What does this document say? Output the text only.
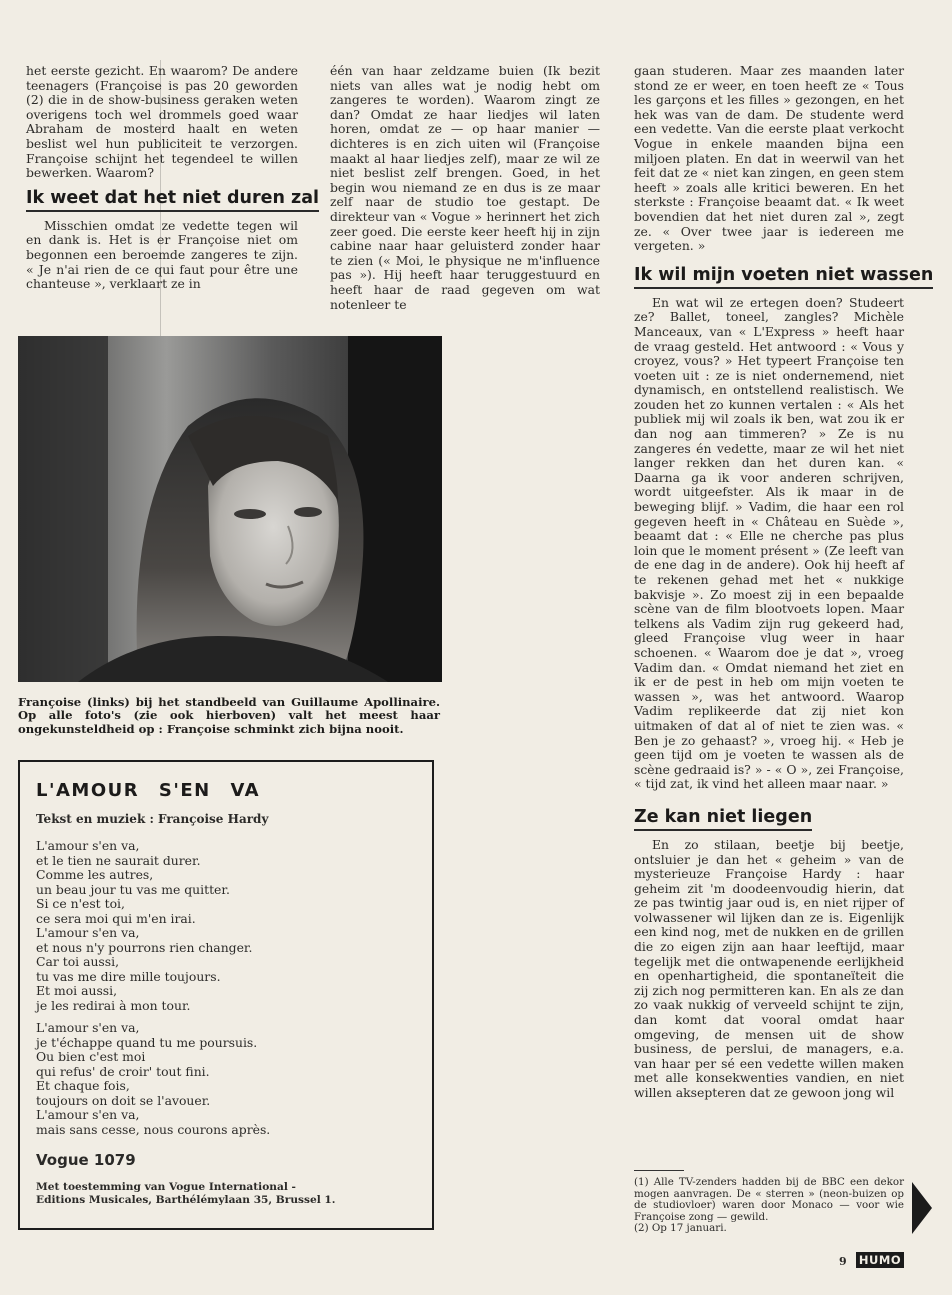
het eerste gezicht. En waarom? De andere teenagers (Françoise is pas 20 geworden (2) die in de show-business geraken weten overigens toch wel drommels goed waar Abraham de mosterd haalt en weten beslist wel hun publiciteit te verzorgen. Françoise schijnt het tegendeel te willen bewerken. Waarom?

Ik weet dat het niet duren zal

Misschien omdat ze vedette tegen wil en dank is. Het is er Françoise niet om begonnen een beroemde zangeres te zijn. « Je n'ai rien de ce qui faut pour être une chanteuse », verklaart ze in

één van haar zeldzame buien (Ik bezit niets van alles wat je nodig hebt om zangeres te worden). Waarom zingt ze dan? Omdat ze haar liedjes wil laten horen, omdat ze — op haar manier — dichteres is en zich uiten wil (Françoise maakt al haar liedjes zelf), maar ze wil ze niet beslist zelf brengen. Goed, in het begin wou niemand ze en dus is ze maar zelf naar de studio toe gestapt. De direkteur van « Vogue » herinnert het zich zeer goed. Die eerste keer heeft hij in zijn cabine naar haar geluisterd zonder haar te zien (« Moi, le physique ne m'influence pas »). Hij heeft haar teruggestuurd en heeft haar de raad gegeven om wat notenleer te

gaan studeren. Maar zes maanden later stond ze er weer, en toen heeft ze « Tous les garçons et les filles » gezongen, en het hek was van de dam. De studente werd een vedette. Van die eerste plaat verkocht Vogue in enkele maanden bijna een miljoen platen. En dat in weerwil van het feit dat ze « niet kan zingen, en geen stem heeft » zoals alle kritici beweren. En het sterkste : Françoise beaamt dat. « Ik weet bovendien dat het niet duren zal », zegt ze. « Over twee jaar is iedereen me vergeten. »

Ik wil mijn voeten niet wassen

En wat wil ze ertegen doen? Studeert ze? Ballet, toneel, zangles? Michèle Manceaux, van « L'Express » heeft haar de vraag gesteld. Het antwoord : « Vous y croyez, vous? » Het typeert Françoise ten voeten uit : ze is niet ondernemend, niet dynamisch, en ontstellend realistisch. We zouden het zo kunnen vertalen : « Als het publiek mij wil zoals ik ben, wat zou ik er dan nog aan timmeren? » Ze is nu zangeres én vedette, maar ze wil het niet langer rekken dan het duren kan. « Daarna ga ik voor anderen schrijven, wordt uitgeefster. Als ik maar in de beweging blijf. » Vadim, die haar een rol gegeven heeft in « Château en Suède », beaamt dat : « Elle ne cherche pas plus loin que le moment présent » (Ze leeft van de ene dag in de andere). Ook hij heeft af te rekenen gehad met het « nukkige bakvisje ». Zo moest zij in een bepaalde scène van de film blootvoets lopen. Maar telkens als Vadim zijn rug gekeerd had, gleed Françoise vlug weer in haar schoenen. « Waarom doe je dat », vroeg Vadim dan. « Omdat niemand het ziet en ik er de pest in heb om mijn voeten te wassen », was het antwoord. Waarop Vadim replikeerde dat zij niet kon uitmaken of dat al of niet te zien was. « Ben je zo gehaast? », vroeg hij. « Heb je geen tijd om je voeten te wassen als de scène gedraaid is? » - « O », zei Françoise, « tijd zat, ik vind het alleen maar naar. »

Ze kan niet liegen

En zo stilaan, beetje bij beetje, ontsluier je dan het « geheim » van de mysterieuze Françoise Hardy : haar geheim zit 'm doodeenvoudig hierin, dat ze pas twintig jaar oud is, en niet rijper of volwassener wil lijken dan ze is. Eigenlijk een kind nog, met de nukken en de grillen die zo eigen zijn aan haar leeftijd, maar tegelijk met die ontwapenende eerlijkheid en openhartigheid, die spontaneïteit die zij zich nog permitteren kan. En als ze dan zo vaak nukkig of verveeld schijnt te zijn, dan komt dat vooral omdat haar omgeving, de mensen uit de show business, de perslui, de managers, e.a. van haar per sé een vedette willen maken met alle konsekwenties vandien, en niet willen aksepteren dat ze gewoon jong wil

Françoise (links) bij het standbeeld van Guillaume Apollinaire. Op alle foto's (zie ook hierboven) valt het meest haar ongekunsteldheid op : Françoise schminkt zich bijna nooit.
L'AMOUR S'EN VA
Tekst en muziek : Françoise Hardy
L'amour s'en va,
et le tien ne saurait durer.
Comme les autres,
un beau jour tu vas me quitter.
Si ce n'est toi,
ce sera moi qui m'en irai.
L'amour s'en va,
et nous n'y pourrons rien changer.
Car toi aussi,
tu vas me dire mille toujours.
Et moi aussi,
je les redirai à mon tour.
L'amour s'en va,
je t'échappe quand tu me poursuis.
Ou bien c'est moi
qui refus' de croir' tout fini.
Et chaque fois,
toujours on doit se l'avouer.
L'amour s'en va,
mais sans cesse, nous courons après.
Vogue 1079
Met toestemming van Vogue International -
Editions Musicales, Barthélémylaan 35, Brussel 1.
(1) Alle TV-zenders hadden bij de BBC een dekor mogen aanvragen. De « sterren » (neon-buizen op de studiovloer) waren door Monaco — voor wie Françoise zong — gewild.
(2) Op 17 januari.
9 HUMO
